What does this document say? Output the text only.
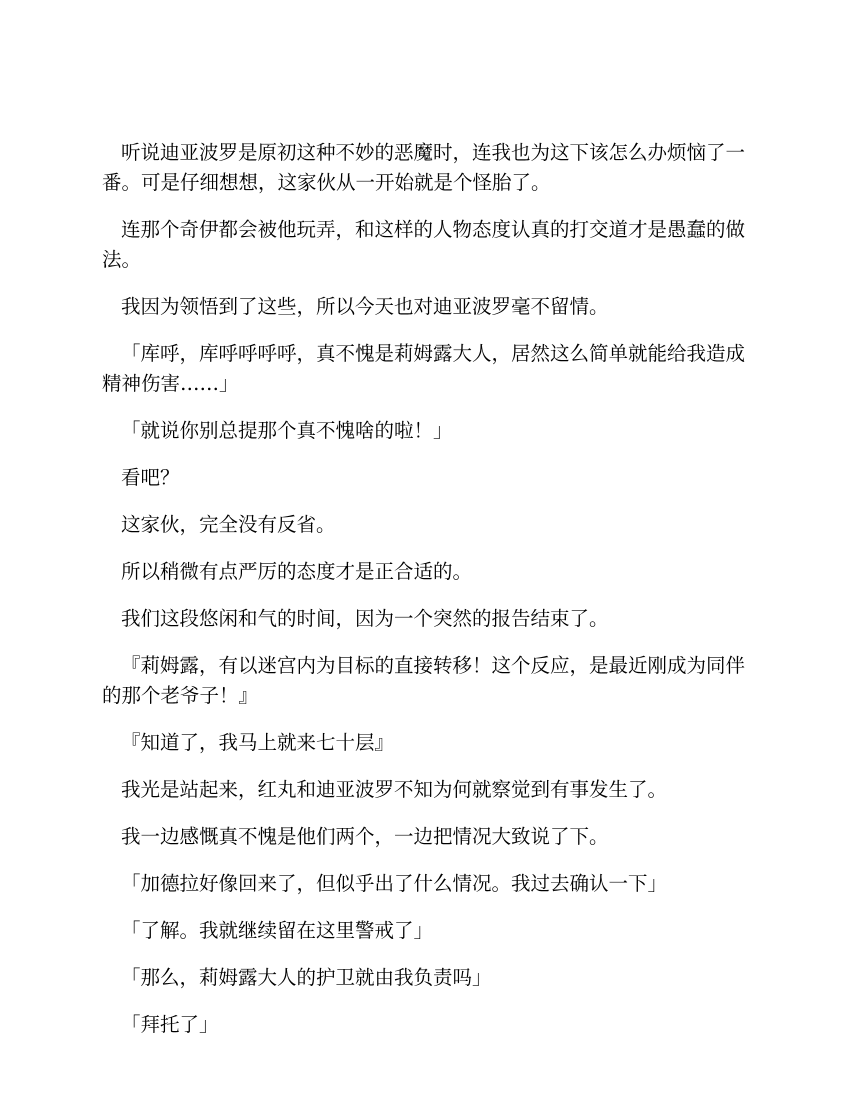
听说迪亚波罗是原初这种不妙的恶魔时，连我也为这下该怎么办烦恼了一番。可是仔细想想，这家伙从一开始就是个怪胎了。

连那个奇伊都会被他玩弄，和这样的人物态度认真的打交道才是愚蠢的做法。

我因为领悟到了这些，所以今天也对迪亚波罗毫不留情。

「库呼，库呼呼呼呼，真不愧是莉姆露大人，居然这么简单就能给我造成精神伤害……」

「就说你别总提那个真不愧啥的啦！」

看吧？

这家伙，完全没有反省。

所以稍微有点严厉的态度才是正合适的。

我们这段悠闲和气的时间，因为一个突然的报告结束了。

『莉姆露，有以迷宫内为目标的直接转移！这个反应，是最近刚成为同伴的那个老爷子！』

『知道了，我马上就来七十层』

我光是站起来，红丸和迪亚波罗不知为何就察觉到有事发生了。

我一边感慨真不愧是他们两个，一边把情况大致说了下。

「加德拉好像回来了，但似乎出了什么情况。我过去确认一下」

「了解。我就继续留在这里警戒了」

「那么，莉姆露大人的护卫就由我负责吗」

「拜托了」
